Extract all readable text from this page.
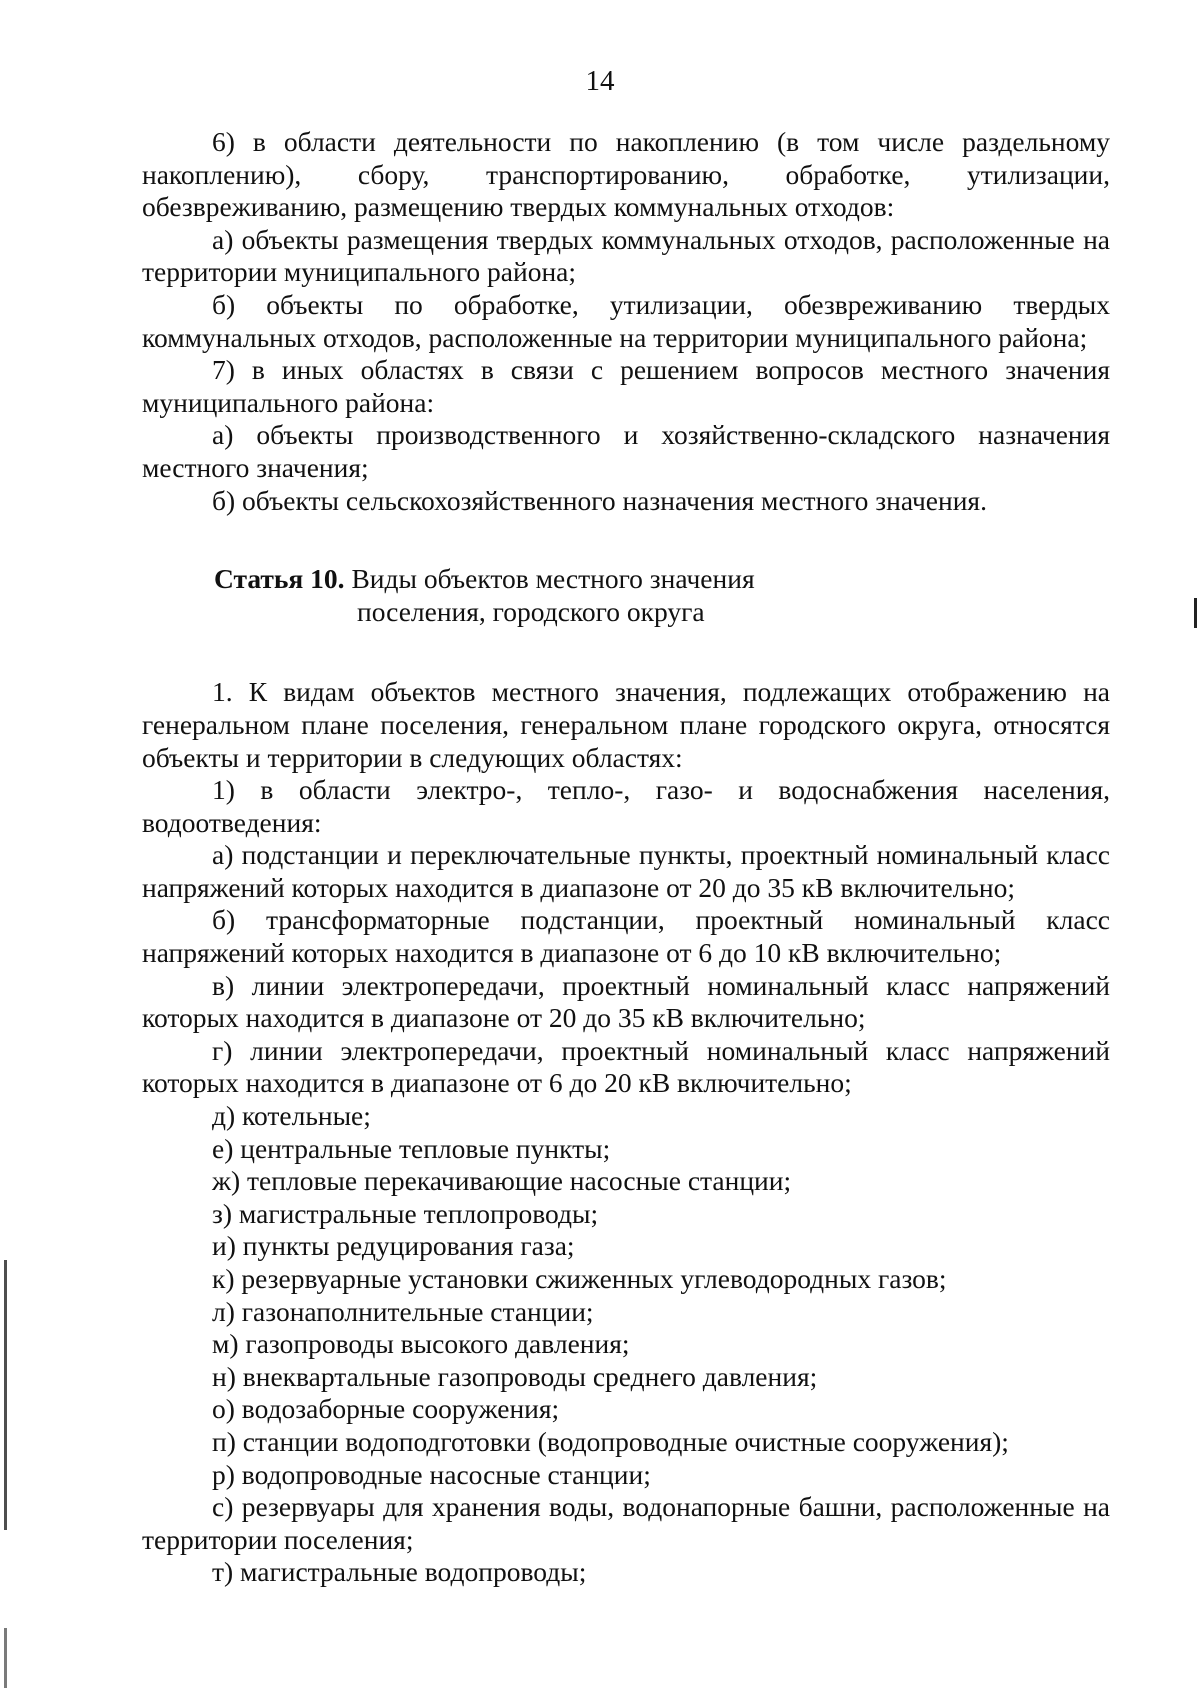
14

6) в области деятельности по накоплению (в том числе раздельному накоплению), сбору, транспортированию, обработке, утилизации, обезвреживанию, размещению твердых коммунальных отходов:

а) объекты размещения твердых коммунальных отходов, расположенные на территории муниципального района;

б) объекты по обработке, утилизации, обезвреживанию твердых коммунальных отходов, расположенные на территории муниципального района;

7) в иных областях в связи с решением вопросов местного значения муниципального района:

а) объекты производственного и хозяйственно-складского назначения местного значения;

б) объекты сельскохозяйственного назначения местного значения.

Статья 10. Виды объектов местного значения
поселения, городского округа

1. К видам объектов местного значения, подлежащих отображению на генеральном плане поселения, генеральном плане городского округа, относятся объекты и территории в следующих областях:

1) в области электро-, тепло-, газо- и водоснабжения населения, водоотведения:

а) подстанции и переключательные пункты, проектный номинальный класс напряжений которых находится в диапазоне от 20 до 35 кВ включительно;

б) трансформаторные подстанции, проектный номинальный класс напряжений которых находится в диапазоне от 6 до 10 кВ включительно;

в) линии электропередачи, проектный номинальный класс напряжений которых находится в диапазоне от 20 до 35 кВ включительно;

г) линии электропередачи, проектный номинальный класс напряжений которых находится в диапазоне от 6 до 20 кВ включительно;

д) котельные;

е) центральные тепловые пункты;

ж) тепловые перекачивающие насосные станции;

з) магистральные теплопроводы;

и) пункты редуцирования газа;

к) резервуарные установки сжиженных углеводородных газов;

л) газонаполнительные станции;

м) газопроводы высокого давления;

н) внеквартальные газопроводы среднего давления;

о) водозаборные сооружения;

п) станции водоподготовки (водопроводные очистные сооружения);

р) водопроводные насосные станции;

с) резервуары для хранения воды, водонапорные башни, расположенные на территории поселения;

т) магистральные водопроводы;
